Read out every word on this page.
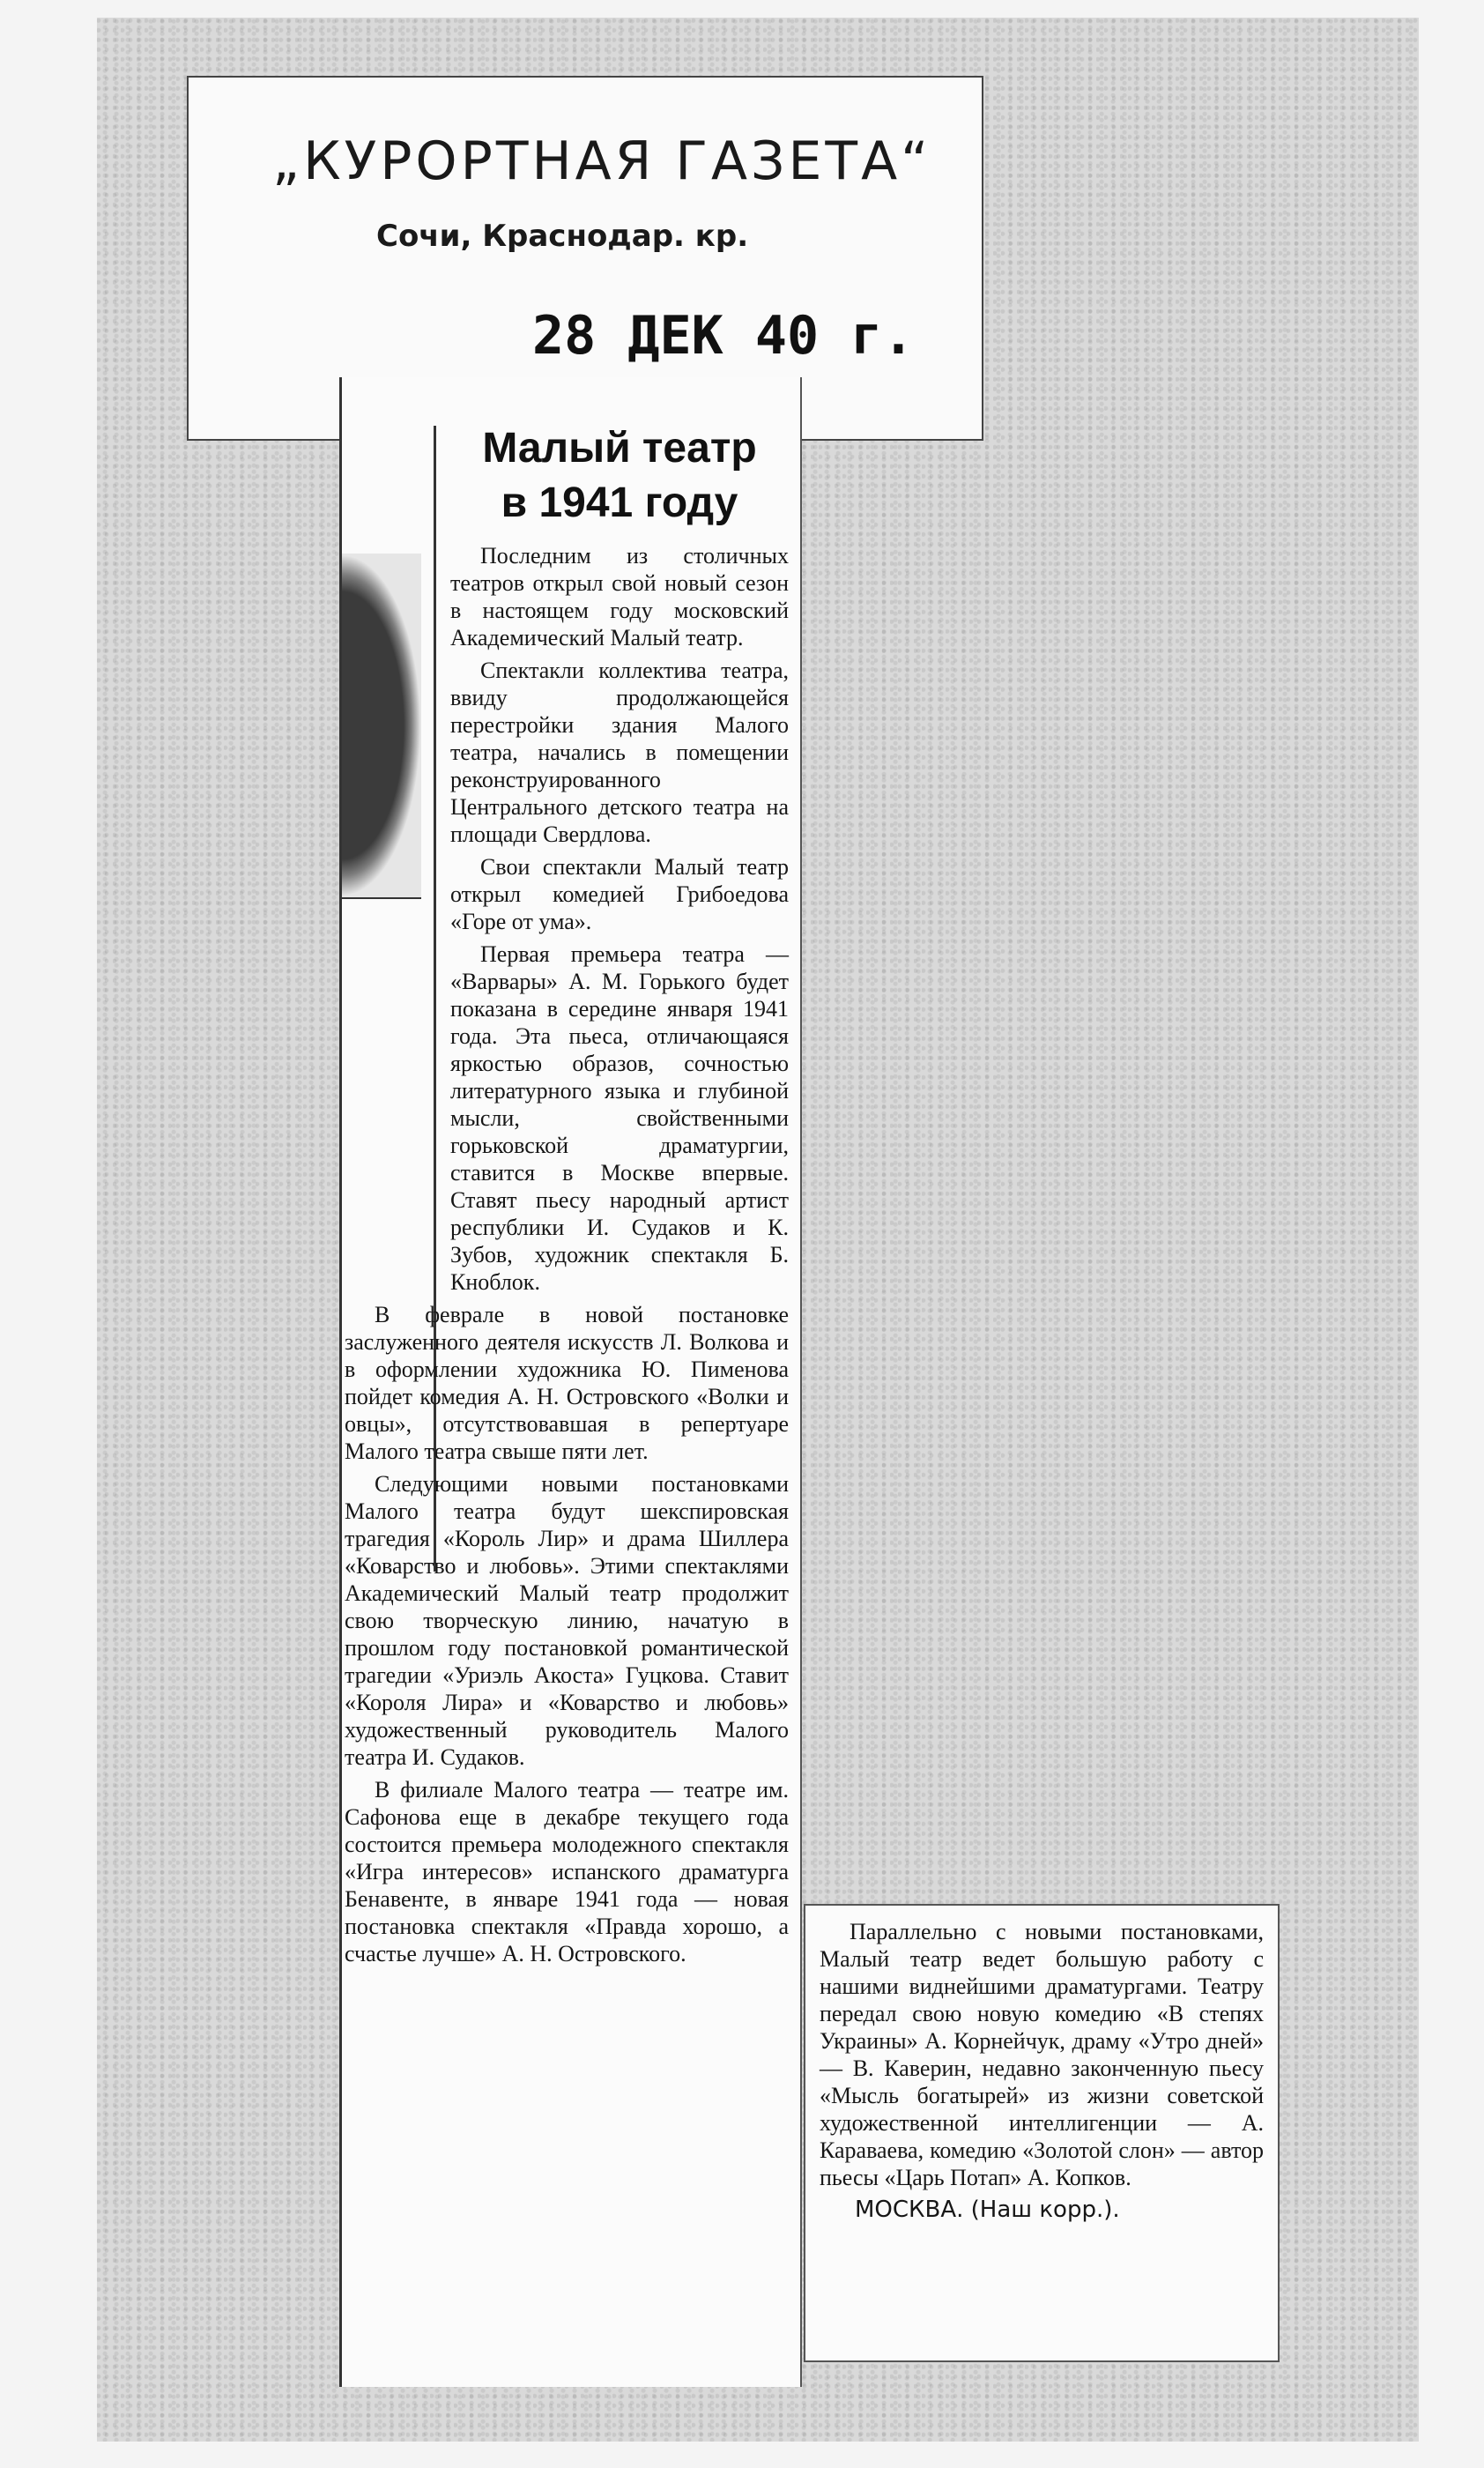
„КУРОРТНАЯ ГАЗЕТА“
Сочи, Краснодар. кр.
28 ДЕК 40 г.
Малый театр
в 1941 году

Последним из столичных театров открыл свой новый сезон в настоящем году московский Академический Малый театр.

Спектакли коллектива театра, ввиду продолжающейся перестройки здания Малого театра, начались в помещении реконструированного Центрального детского театра на площади Свердлова.

Свои спектакли Малый театр открыл комедией Грибоедова «Горе от ума».

Первая премьера театра — «Варвары» А. М. Горького будет показана в середине января 1941 года. Эта пьеса, отличающаяся яркостью образов, сочностью литературного языка и глубиной мысли, свойственными горьковской драматургии, ставится в Москве впервые. Ставят пьесу народный артист республики И. Судаков и К. Зубов, художник спектакля Б. Кноблок.

В феврале в новой постановке заслуженного деятеля искусств Л. Волкова и в оформлении художника Ю. Пименова пойдет комедия А. Н. Островского «Волки и овцы», отсутствовавшая в репертуаре Малого театра свыше пяти лет.

Следующими новыми постановками Малого театра будут шекспировская трагедия «Король Лир» и драма Шиллера «Коварство и любовь». Этими спектаклями Академический Малый театр продолжит свою творческую линию, начатую в прошлом году постановкой романтической трагедии «Уриэль Акоста» Гуцкова. Ставит «Короля Лира» и «Коварство и любовь» художественный руководитель Малого театра И. Судаков.

В филиале Малого театра — театре им. Сафонова еще в декабре текущего года состоится премьера молодежного спектакля «Игра интересов» испанского драматурга Бенавенте, в январе 1941 года — новая постановка спектакля «Правда хорошо, а счастье лучше» А. Н. Островского.

Параллельно с новыми постановками, Малый театр ведет большую работу с нашими виднейшими драматургами. Театру передал свою новую комедию «В степях Украины» А. Корнейчук, драму «Утро дней» — В. Каверин, недавно законченную пьесу «Мысль богатырей» из жизни советской художественной интеллигенции — А. Караваева, комедию «Золотой слон» — автор пьесы «Царь Потап» А. Копков.

МОСКВА. (Наш корр.).
